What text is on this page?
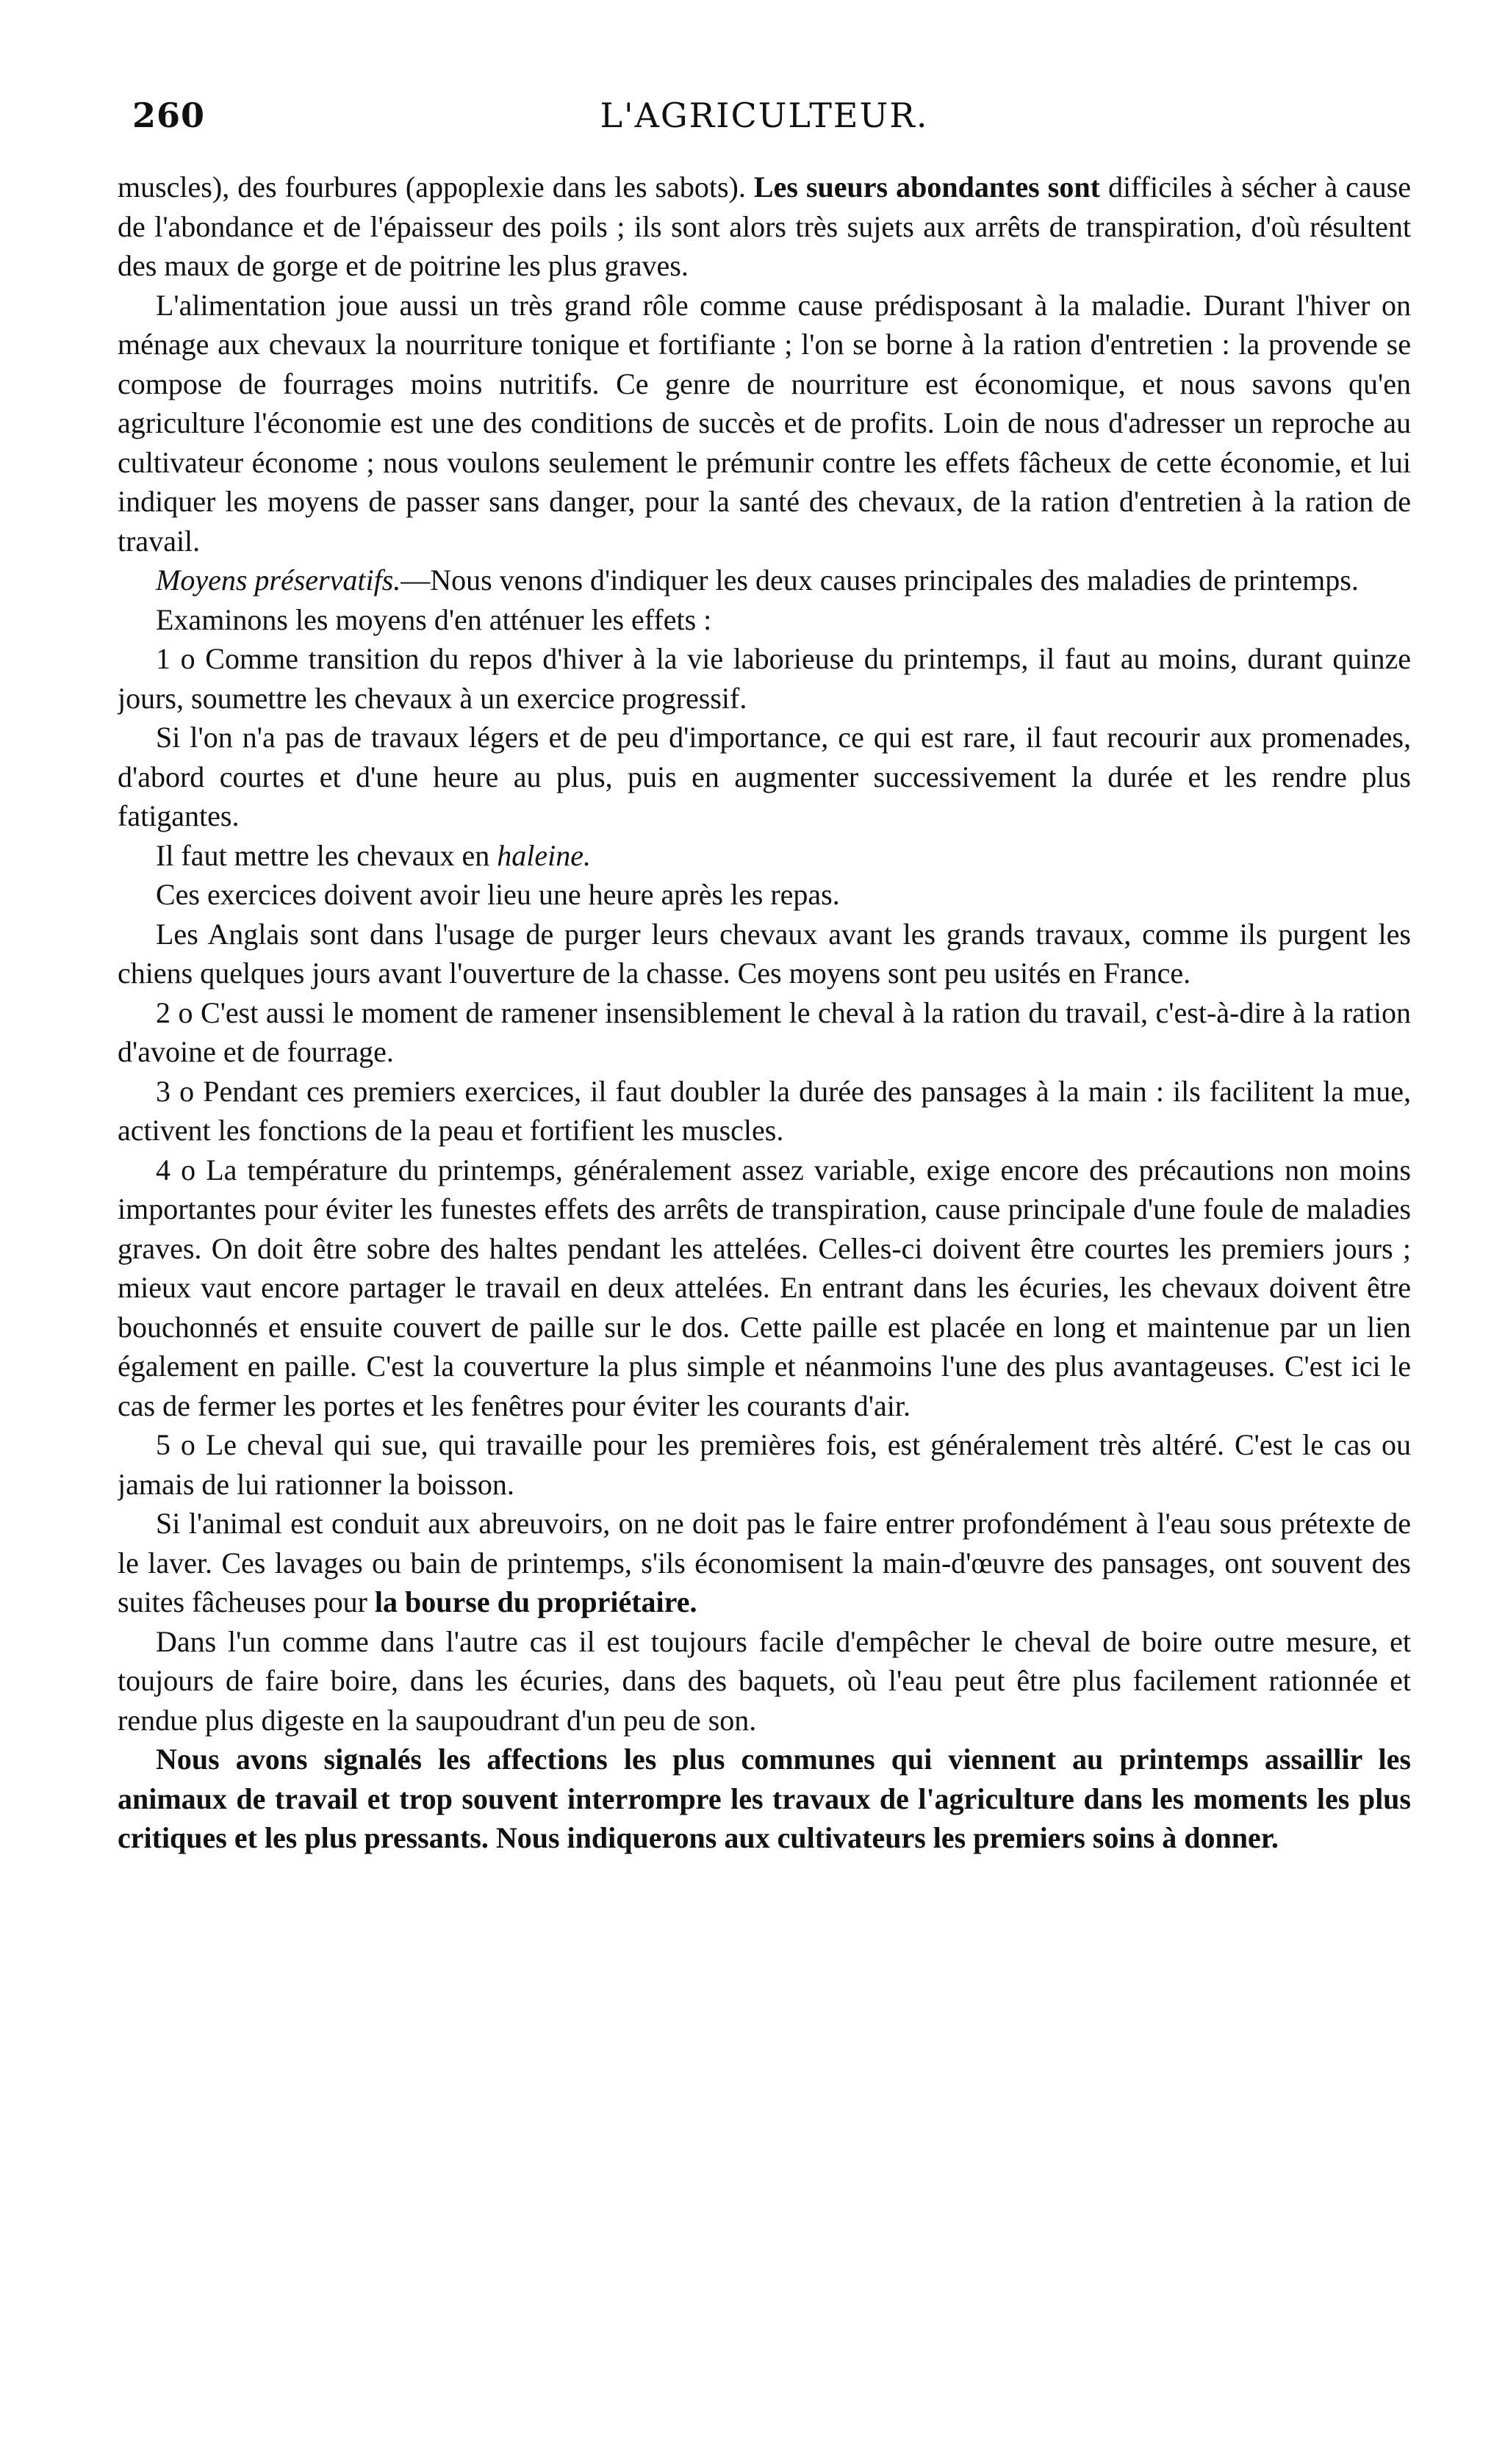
260	L'AGRICULTEUR.

muscles), des fourbures (appoplexie dans les sabots). Les sueurs abondantes sont difficiles à sécher à cause de l'abondance et de l'épaisseur des poils ; ils sont alors très sujets aux arrêts de transpiration, d'où résultent des maux de gorge et de poitrine les plus graves.

L'alimentation joue aussi un très grand rôle comme cause prédisposant à la maladie. Durant l'hiver on ménage aux chevaux la nourriture tonique et fortifiante ; l'on se borne à la ration d'entretien : la provende se compose de fourrages moins nutritifs. Ce genre de nourriture est économique, et nous savons qu'en agriculture l'économie est une des conditions de succès et de profits. Loin de nous d'adresser un reproche au cultivateur économe ; nous voulons seulement le prémunir contre les effets fâcheux de cette économie, et lui indiquer les moyens de passer sans danger, pour la santé des chevaux, de la ration d'entretien à la ration de travail.

Moyens préservatifs.—Nous venons d'indiquer les deux causes principales des maladies de printemps.

Examinons les moyens d'en atténuer les effets :

1 o Comme transition du repos d'hiver à la vie laborieuse du printemps, il faut au moins, durant quinze jours, soumettre les chevaux à un exercice progressif.

Si l'on n'a pas de travaux légers et de peu d'importance, ce qui est rare, il faut recourir aux promenades, d'abord courtes et d'une heure au plus, puis en augmenter successivement la durée et les rendre plus fatigantes.

Il faut mettre les chevaux en haleine.

Ces exercices doivent avoir lieu une heure après les repas.

Les Anglais sont dans l'usage de purger leurs chevaux avant les grands travaux, comme ils purgent les chiens quelques jours avant l'ouverture de la chasse. Ces moyens sont peu usités en France.

2 o C'est aussi le moment de ramener insensiblement le cheval à la ration du travail, c'est-à-dire à la ration d'avoine et de fourrage.

3 o Pendant ces premiers exercices, il faut doubler la durée des pansages à la main : ils facilitent la mue, activent les fonctions de la peau et fortifient les muscles.

4 o La température du printemps, généralement assez variable, exige encore des précautions non moins importantes pour éviter les funestes effets des arrêts de transpiration, cause principale d'une foule de maladies graves. On doit être sobre des haltes pendant les attelées. Celles-ci doivent être courtes les premiers jours ; mieux vaut encore partager le travail en deux attelées. En entrant dans les écuries, les chevaux doivent être bouchonnés et ensuite couvert de paille sur le dos. Cette paille est placée en long et maintenue par un lien également en paille. C'est la couverture la plus simple et néanmoins l'une des plus avantageuses. C'est ici le cas de fermer les portes et les fenêtres pour éviter les courants d'air.

5 o Le cheval qui sue, qui travaille pour les premières fois, est généralement très altéré. C'est le cas ou jamais de lui rationner la boisson.

Si l'animal est conduit aux abreuvoirs, on ne doit pas le faire entrer profondément à l'eau sous prétexte de le laver. Ces lavages ou bain de printemps, s'ils économisent la main-d'œuvre des pansages, ont souvent des suites fâcheuses pour la bourse du propriétaire.

Dans l'un comme dans l'autre cas il est toujours facile d'empêcher le cheval de boire outre mesure, et toujours de faire boire, dans les écuries, dans des baquets, où l'eau peut être plus facilement rationnée et rendue plus digeste en la saupoudrant d'un peu de son.

Nous avons signalés les affections les plus communes qui viennent au printemps assaillir les animaux de travail et trop souvent interrompre les travaux de l'agriculture dans les moments les plus critiques et les plus pressants. Nous indiquerons aux cultivateurs les premiers soins à donner.
